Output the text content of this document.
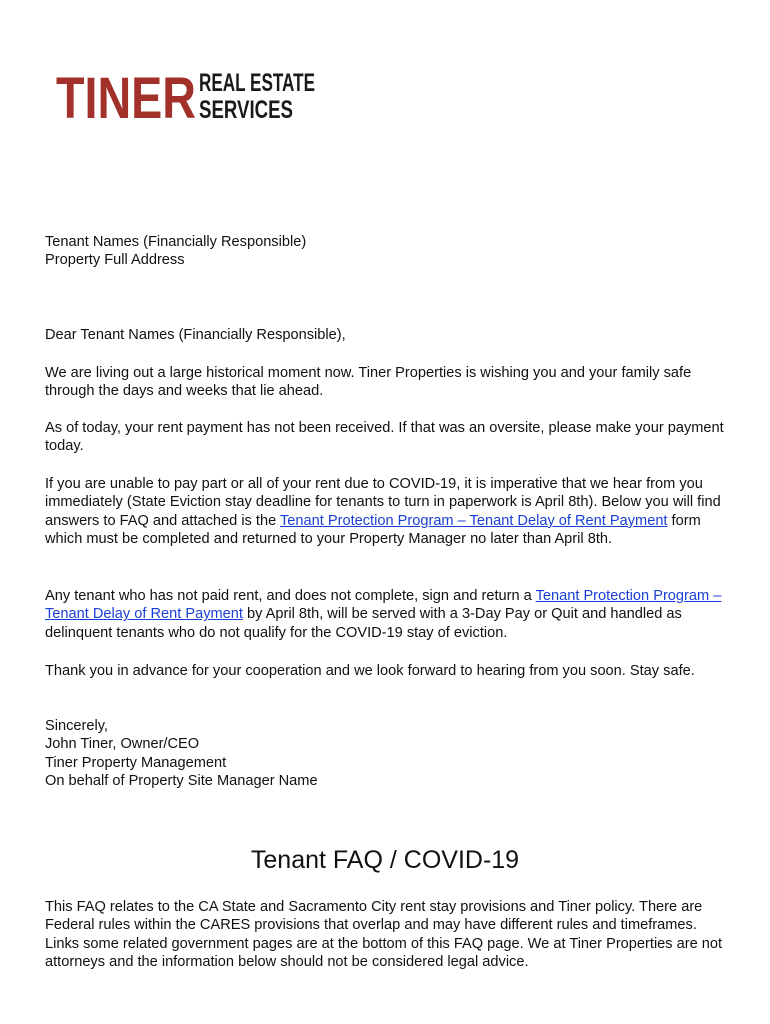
TINER REAL ESTATE
SERVICES

Tenant Names (Financially Responsible)

Property Full Address

Dear Tenant Names (Financially Responsible),

We are living out a large historical moment now. Tiner Properties is wishing you and your family safe through the days and weeks that lie ahead.

As of today, your rent payment has not been received. If that was an oversite, please make your payment today.

If you are unable to pay part or all of your rent due to COVID-19, it is imperative that we hear from you immediately (State Eviction stay deadline for tenants to turn in paperwork is April 8th). Below you will find answers to FAQ and attached is the Tenant Protection Program – Tenant Delay of Rent Payment form which must be completed and returned to your Property Manager no later than April 8th.

Any tenant who has not paid rent, and does not complete, sign and return a Tenant Protection Program – Tenant Delay of Rent Payment by April 8th, will be served with a 3-Day Pay or Quit and handled as delinquent tenants who do not qualify for the COVID-19 stay of eviction.

Thank you in advance for your cooperation and we look forward to hearing from you soon. Stay safe.

Sincerely,

John Tiner, Owner/CEO

Tiner Property Management

On behalf of Property Site Manager Name

Tenant FAQ / COVID-19

This FAQ relates to the CA State and Sacramento City rent stay provisions and Tiner policy. There are Federal rules within the CARES provisions that overlap and may have different rules and timeframes. Links some related government pages are at the bottom of this FAQ page. We at Tiner Properties are not attorneys and the information below should not be considered legal advice.
